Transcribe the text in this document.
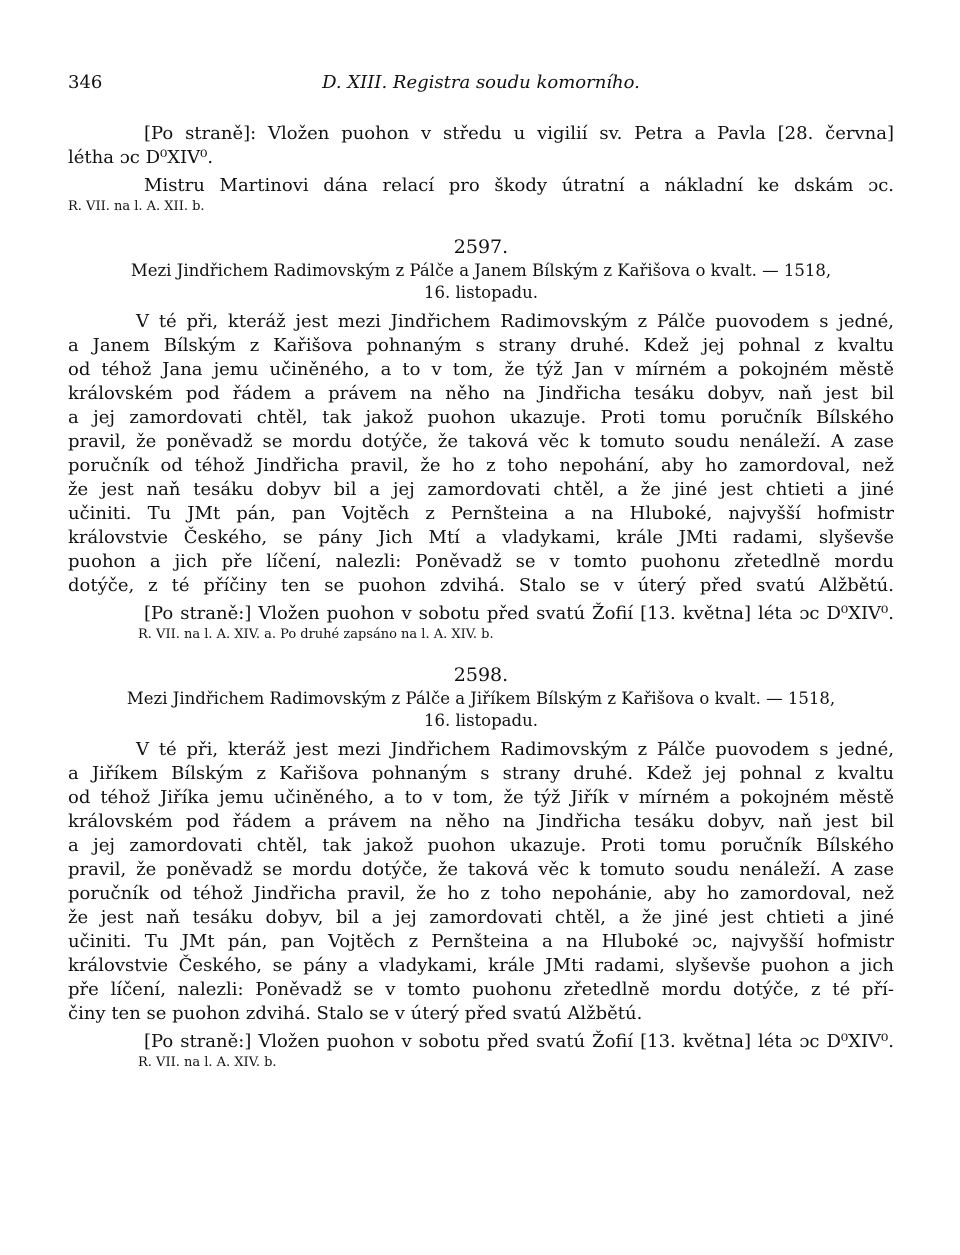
346	D. XIII. Registra soudu komorního.
[Po straně]: Vložen puohon v středu u vigilií sv. Petra a Pavla [28. června]
létha ɔc D⁰XIV⁰.
Mistru Martinovi dána relací pro škody útratní a nákladní ke dskám ɔc.
R. VII. na l. A. XII. b.
2597.
Mezi Jindřichem Radimovským z Pálče a Janem Bílským z Kařišova o kvalt. — 1518,
16. listopadu.
V té při, kteráž jest mezi Jindřichem Radimovským z Pálče puovodem s jedné,
a Janem Bílským z Kařišova pohnaným s strany druhé. Kdež jej pohnal z kvaltu
od téhož Jana jemu učiněného, a to v tom, že týž Jan v mírném a pokojném městě
královském pod řádem a právem na něho na Jindřicha tesáku dobyv, naň jest bil
a jej zamordovati chtěl, tak jakož puohon ukazuje. Proti tomu poručník Bílského
pravil, že poněvadž se mordu dotýče, že taková věc k tomuto soudu nenáleží. A zase
poručník od téhož Jindřicha pravil, že ho z toho nepohání, aby ho zamordoval, než
že jest naň tesáku dobyv bil a jej zamordovati chtěl, a že jiné jest chtieti a jiné
učiniti. Tu JMt pán, pan Vojtěch z Pernšteina a na Hluboké, najvyšší hofmistr
královstvie Českého, se pány Jich Mtí a vladykami, krále JMti radami, slyševše
puohon a jich pře líčení, nalezli: Poněvadž se v tomto puohonu zřetedlně mordu
dotýče, z té příčiny ten se puohon zdvihá. Stalo se v úterý před svatú Alžbětú.
[Po straně:] Vložen puohon v sobotu před svatú Žofií [13. května] léta ɔc D⁰XIV⁰.
R. VII. na l. A. XIV. a. Po druhé zapsáno na l. A. XIV. b.
2598.
Mezi Jindřichem Radimovským z Pálče a Jiříkem Bílským z Kařišova o kvalt. — 1518,
16. listopadu.
V té při, kteráž jest mezi Jindřichem Radimovským z Pálče puovodem s jedné,
a Jiříkem Bílským z Kařišova pohnaným s strany druhé. Kdež jej pohnal z kvaltu
od téhož Jiříka jemu učiněného, a to v tom, že týž Jiřík v mírném a pokojném městě
královském pod řádem a právem na něho na Jindřicha tesáku dobyv, naň jest bil
a jej zamordovati chtěl, tak jakož puohon ukazuje. Proti tomu poručník Bílského
pravil, že poněvadž se mordu dotýče, že taková věc k tomuto soudu nenáleží. A zase
poručník od téhož Jindřicha pravil, že ho z toho nepohánie, aby ho zamordoval, než
že jest naň tesáku dobyv, bil a jej zamordovati chtěl, a že jiné jest chtieti a jiné
učiniti. Tu JMt pán, pan Vojtěch z Pernšteina a na Hluboké ɔc, najvyšší hofmistr
královstvie Českého, se pány a vladykami, krále JMti radami, slyševše puohon a jich
pře líčení, nalezli: Poněvadž se v tomto puohonu zřetedlně mordu dotýče, z té pří-
činy ten se puohon zdvihá. Stalo se v úterý před svatú Alžbětú.
[Po straně:] Vložen puohon v sobotu před svatú Žofií [13. května] léta ɔc D⁰XIV⁰.
R. VII. na l. A. XIV. b.
